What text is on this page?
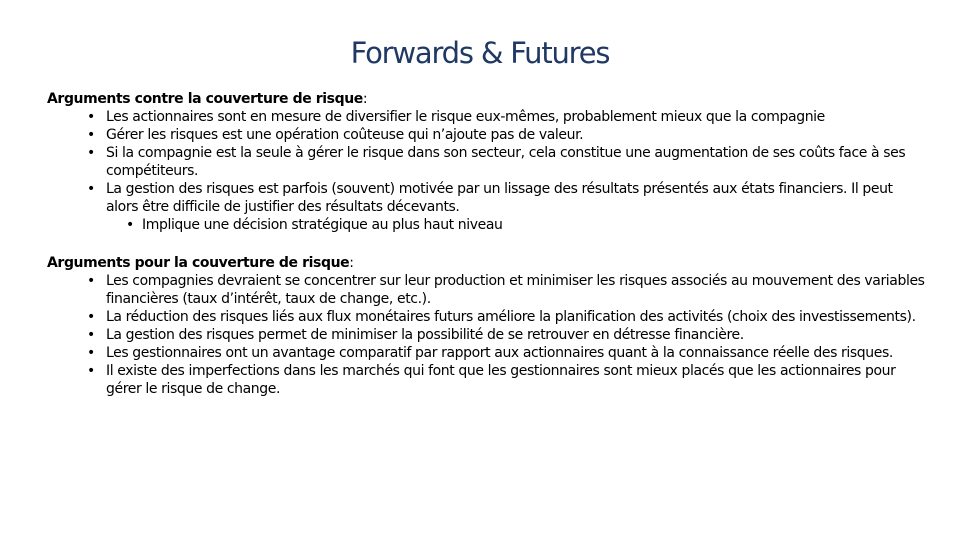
Forwards & Futures
Arguments contre la couverture de risque:
• Les actionnaires sont en mesure de diversifier le risque eux-mêmes, probablement mieux que la compagnie
• Gérer les risques est une opération coûteuse qui n’ajoute pas de valeur.
• Si la compagnie est la seule à gérer le risque dans son secteur, cela constitue une augmentation de ses coûts face à ses compétiteurs.
• La gestion des risques est parfois (souvent) motivée par un lissage des résultats présentés aux états financiers. Il peut alors être difficile de justifier des résultats décevants.
• Implique une décision stratégique au plus haut niveau
Arguments pour la couverture de risque:
• Les compagnies devraient se concentrer sur leur production et minimiser les risques associés au mouvement des variables financières (taux d’intérêt, taux de change, etc.).
• La réduction des risques liés aux flux monétaires futurs améliore la planification des activités (choix des investissements).
• La gestion des risques permet de minimiser la possibilité de se retrouver en détresse financière.
• Les gestionnaires ont un avantage comparatif par rapport aux actionnaires quant à la connaissance réelle des risques.
• Il existe des imperfections dans les marchés qui font que les gestionnaires sont mieux placés que les actionnaires pour gérer le risque de change.
